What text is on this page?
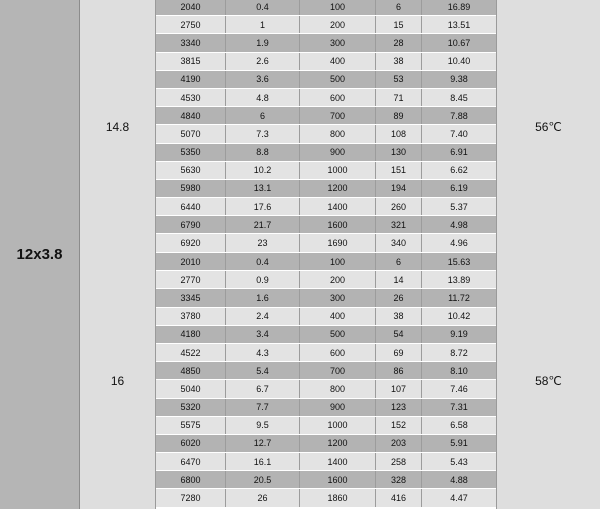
12x3.8
14.8	56℃
2040	0.4	100	6	16.89
2750	1	200	15	13.51
3340	1.9	300	28	10.67
3815	2.6	400	38	10.40
4190	3.6	500	53	9.38
4530	4.8	600	71	8.45
4840	6	700	89	7.88
5070	7.3	800	108	7.40
5350	8.8	900	130	6.91
5630	10.2	1000	151	6.62
5980	13.1	1200	194	6.19
6440	17.6	1400	260	5.37
6790	21.7	1600	321	4.98
6920	23	1690	340	4.96
16	58℃
2010	0.4	100	6	15.63
2770	0.9	200	14	13.89
3345	1.6	300	26	11.72
3780	2.4	400	38	10.42
4180	3.4	500	54	9.19
4522	4.3	600	69	8.72
4850	5.4	700	86	8.10
5040	6.7	800	107	7.46
5320	7.7	900	123	7.31
5575	9.5	1000	152	6.58
6020	12.7	1200	203	5.91
6470	16.1	1400	258	5.43
6800	20.5	1600	328	4.88
7280	26	1860	416	4.47
